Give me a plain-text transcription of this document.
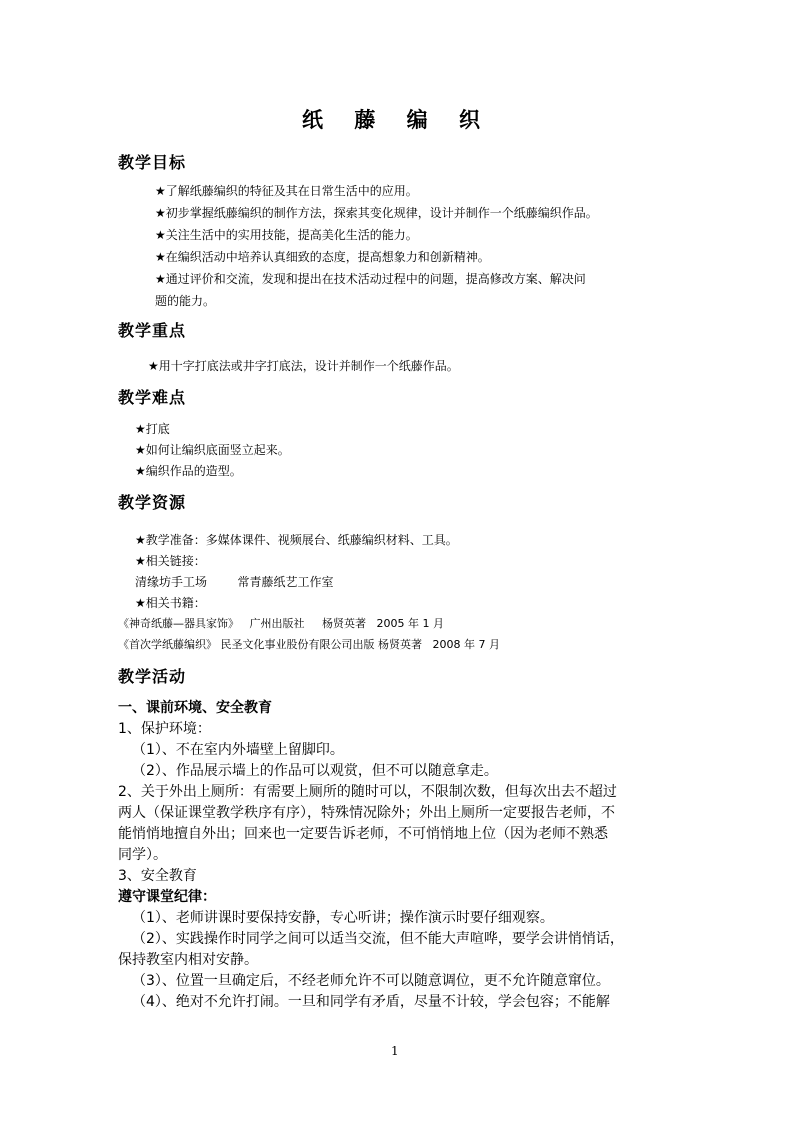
纸 藤 编 织
教学目标
★了解纸藤编织的特征及其在日常生活中的应用。
★初步掌握纸藤编织的制作方法，探索其变化规律，设计并制作一个纸藤编织作品。
★关注生活中的实用技能，提高美化生活的能力。
★在编织活动中培养认真细致的态度，提高想象力和创新精神。
★通过评价和交流，发现和提出在技术活动过程中的问题，提高修改方案、解决问
题的能力。
教学重点
★用十字打底法或井字打底法，设计并制作一个纸藤作品。
教学难点
★打底
★如何让编织底面竖立起来。
★编织作品的造型。
教学资源
★教学准备：多媒体课件、视频展台、纸藤编织材料、工具。
★相关链接：
清缘坊手工场        常青藤纸艺工作室
★相关书籍：
《神奇纸藤—器具家饰》   广州出版社     杨贤英著   2005 年 1 月
《首次学纸藤编织》 民圣文化事业股份有限公司出版 杨贤英著   2008 年 7 月
教学活动
一、课前环境、安全教育
1、保护环境：
（1）、不在室内外墙壁上留脚印。
（2）、作品展示墙上的作品可以观赏，但不可以随意拿走。
2、关于外出上厕所：有需要上厕所的随时可以，不限制次数，但每次出去不超过
两人（保证课堂教学秩序有序），特殊情况除外；外出上厕所一定要报告老师，不
能悄悄地擅自外出；回来也一定要告诉老师，不可悄悄地上位（因为老师不熟悉
同学）。
3、安全教育
遵守课堂纪律：
（1）、老师讲课时要保持安静，专心听讲；操作演示时要仔细观察。
（2）、实践操作时同学之间可以适当交流，但不能大声喧哗，要学会讲悄悄话，
保持教室内相对安静。
（3）、位置一旦确定后，不经老师允许不可以随意调位，更不允许随意窜位。
（4）、绝对不允许打闹。一旦和同学有矛盾，尽量不计较，学会包容；不能解
1
